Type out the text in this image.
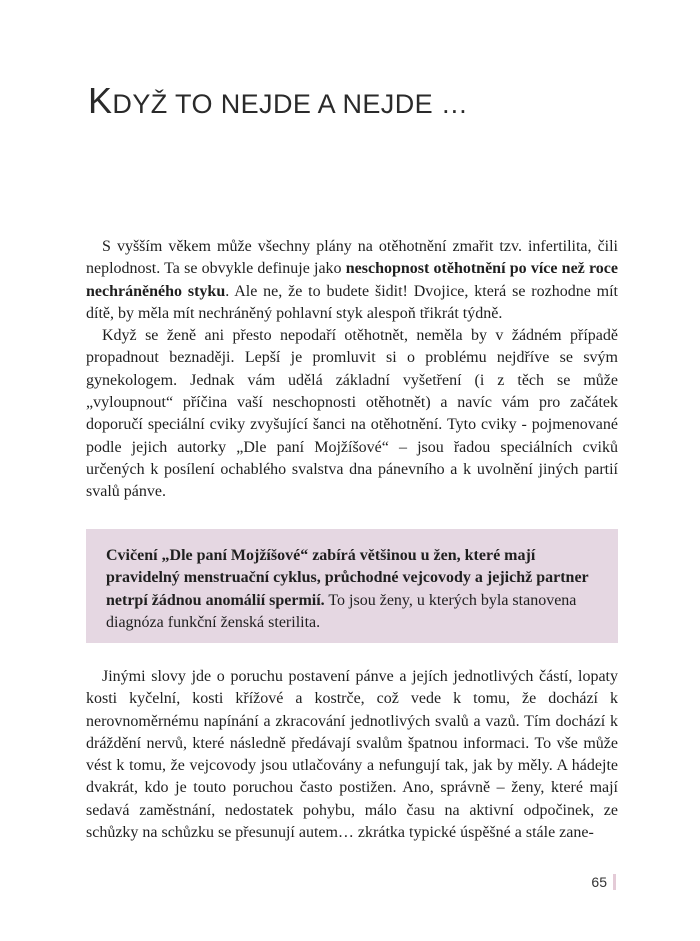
KDYŽ TO NEJDE A NEJDE …

S vyšším věkem může všechny plány na otěhotnění zmařit tzv. infertilita, čili neplodnost. Ta se obvykle definuje jako neschopnost otěhotnění po více než roce nechráněného styku. Ale ne, že to budete šidit! Dvojice, která se rozhodne mít dítě, by měla mít nechráněný pohlavní styk alespoň třikrát týdně.

Když se ženě ani přesto nepodaří otěhotnět, neměla by v žádném případě propadnout beznaději. Lepší je promluvit si o problému nejdříve se svým gynekologem. Jednak vám udělá základní vyšetření (i z těch se může „vyloupnout“ příčina vaší neschopnosti otěhotnět) a navíc vám pro začátek doporučí speciální cviky zvyšující šanci na otěhotnění. Tyto cviky - pojmenované podle jejich autorky „Dle paní Mojžíšové“ – jsou řadou speciálních cviků určených k posílení ochablého svalstva dna pánevního a k uvolnění jiných partií svalů pánve.

Cvičení „Dle paní Mojžíšové“ zabírá většinou u žen, které mají pravidelný menstruační cyklus, průchodné vejcovody a jejichž partner netrpí žádnou anomálií spermií. To jsou ženy, u kterých byla stanovena diagnóza funkční ženská sterilita.

Jinými slovy jde o poruchu postavení pánve a jejích jednotlivých částí, lopaty kosti kyčelní, kosti křížové a kostrče, což vede k tomu, že dochází k nerovnoměrnému napínání a zkracování jednotlivých svalů a vazů. Tím dochází k dráždění nervů, které následně předávají svalům špatnou informaci. To vše může vést k tomu, že vejcovody jsou utlačovány a nefungují tak, jak by měly. A hádejte dvakrát, kdo je touto poruchou často postižen. Ano, správně – ženy, které mají sedavá zaměstnání, nedostatek pohybu, málo času na aktivní odpočinek, ze schůzky na schůzku se přesunují autem… zkrátka typické úspěšné a stále zane-

65
